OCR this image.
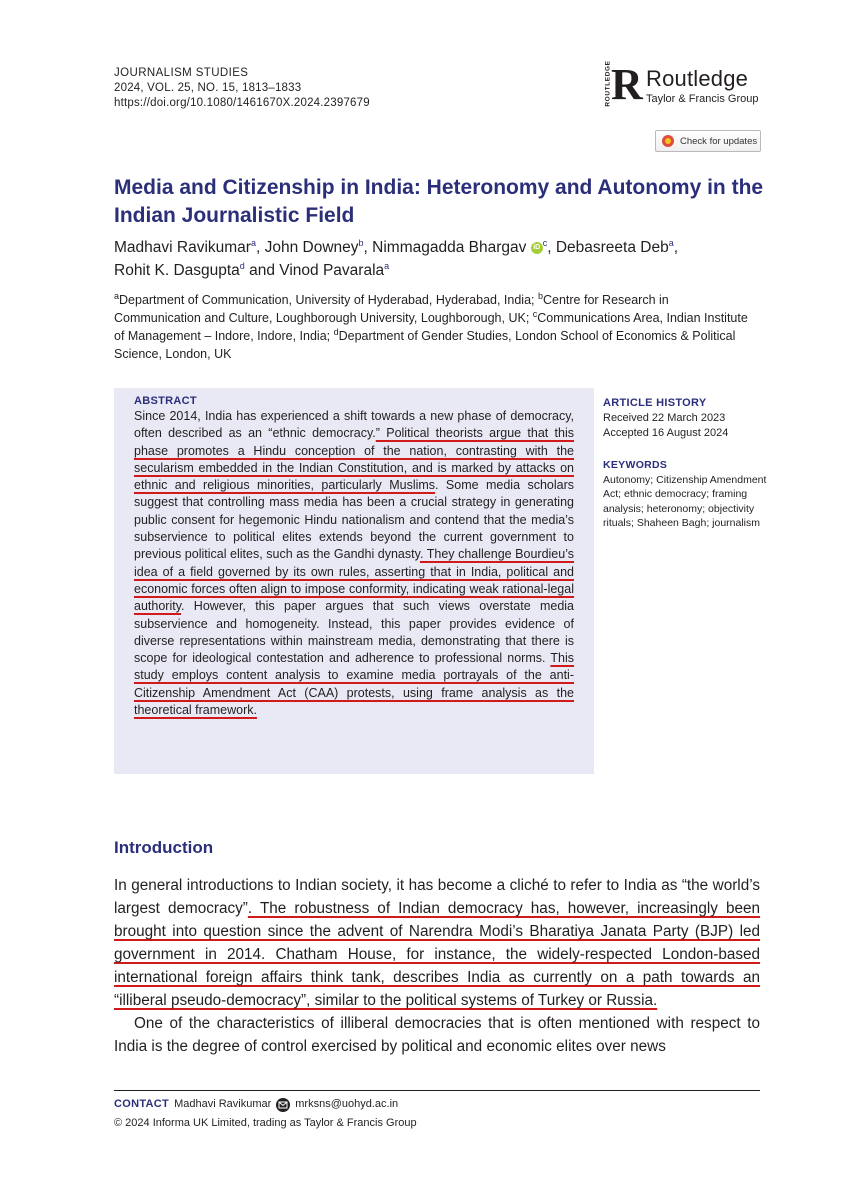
JOURNALISM STUDIES
2024, VOL. 25, NO. 15, 1813–1833
https://doi.org/10.1080/1461670X.2024.2397679	ROUTLEDGE R Routledge
Taylor & Francis Group
Check for updates
Media and Citizenship in India: Heteronomy and Autonomy in the Indian Journalistic Field
Madhavi Ravikumar$^a$, John Downey$^b$, Nimmagadda Bhargav iD $^c$, Debasreeta Deb$^a$,
Rohit K. Dasgupta$^d$ and Vinod Pavarala$^a$
$^a$Department of Communication, University of Hyderabad, Hyderabad, India; $^b$Centre for Research in Communication and Culture, Loughborough University, Loughborough, UK; $^c$Communications Area, Indian Institute of Management – Indore, Indore, India; $^d$Department of Gender Studies, London School of Economics & Political Science, London, UK
ABSTRACT
Since 2014, India has experienced a shift towards a new phase of democracy, often described as an “ethnic democracy.” Political theorists argue that this phase promotes a Hindu conception of the nation, contrasting with the secularism embedded in the Indian Constitution, and is marked by attacks on ethnic and religious minorities, particularly Muslims. Some media scholars suggest that controlling mass media has been a crucial strategy in generating public consent for hegemonic Hindu nationalism and contend that the media’s subservience to political elites extends beyond the current government to previous political elites, such as the Gandhi dynasty. They challenge Bourdieu’s idea of a field governed by its own rules, asserting that in India, political and economic forces often align to impose conformity, indicating weak rational-legal authority. However, this paper argues that such views overstate media subservience and homogeneity. Instead, this paper provides evidence of diverse representations within mainstream media, demonstrating that there is scope for ideological contestation and adherence to professional norms. This study employs content analysis to examine media portrayals of the anti-Citizenship Amendment Act (CAA) protests, using frame analysis as the theoretical framework.
ARTICLE HISTORY
Received 22 March 2023
Accepted 16 August 2024
KEYWORDS
Autonomy; Citizenship Amendment Act; ethnic democracy; framing analysis; heteronomy; objectivity rituals; Shaheen Bagh; journalism
Introduction
In general introductions to Indian society, it has become a cliché to refer to India as “the world’s largest democracy”. The robustness of Indian democracy has, however, increasingly been brought into question since the advent of Narendra Modi’s Bharatiya Janata Party (BJP) led government in 2014. Chatham House, for instance, the widely-respected London-based international foreign affairs think tank, describes India as currently on a path towards an “illiberal pseudo-democracy”, similar to the political systems of Turkey or Russia.
One of the characteristics of illiberal democracies that is often mentioned with respect to India is the degree of control exercised by political and economic elites over news
CONTACT Madhavi Ravikumar mrksns@uohyd.ac.in
© 2024 Informa UK Limited, trading as Taylor & Francis Group
